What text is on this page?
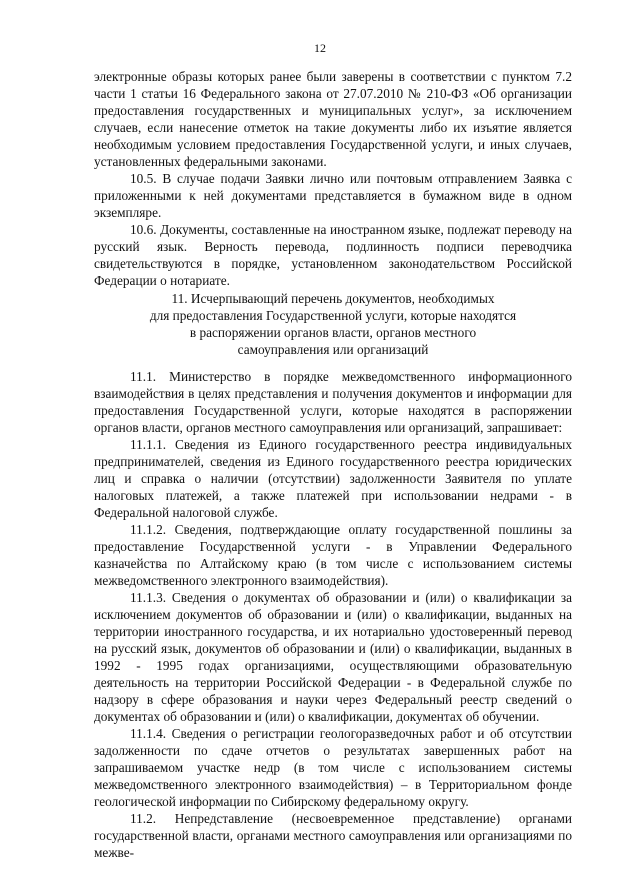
12

электронные образы которых ранее были заверены в соответствии с пунктом 7.2 части 1 статьи 16 Федерального закона от 27.07.2010 № 210-ФЗ «Об организации предоставления государственных и муниципальных услуг», за исключением случаев, если нанесение отметок на такие документы либо их изъятие является необходимым условием предоставления Государственной услуги, и иных случаев, установленных федеральными законами.

10.5. В случае подачи Заявки лично или почтовым отправлением Заявка с приложенными к ней документами представляется в бумажном виде в одном экземпляре.

10.6. Документы, составленные на иностранном языке, подлежат переводу на русский язык. Верность перевода, подлинность подписи переводчика свидетельствуются в порядке, установленном законодательством Российской Федерации о нотариате.

11. Исчерпывающий перечень документов, необходимых
для предоставления Государственной услуги, которые находятся
в распоряжении органов власти, органов местного
самоуправления или организаций

11.1. Министерство в порядке межведомственного информационного взаимодействия в целях представления и получения документов и информации для предоставления Государственной услуги, которые находятся в распоряжении органов власти, органов местного самоуправления или организаций, запрашивает:

11.1.1. Сведения из Единого государственного реестра индивидуальных предпринимателей, сведения из Единого государственного реестра юридических лиц и справка о наличии (отсутствии) задолженности Заявителя по уплате налоговых платежей, а также платежей при использовании недрами - в Федеральной налоговой службе.

11.1.2. Сведения, подтверждающие оплату государственной пошлины за предоставление Государственной услуги - в Управлении Федерального казначейства по Алтайскому краю (в том числе с использованием системы межведомственного электронного взаимодействия).

11.1.3. Сведения о документах об образовании и (или) о квалификации за исключением документов об образовании и (или) о квалификации, выданных на территории иностранного государства, и их нотариально удостоверенный перевод на русский язык, документов об образовании и (или) о квалификации, выданных в 1992 - 1995 годах организациями, осуществляющими образовательную деятельность на территории Российской Федерации - в Федеральной службе по надзору в сфере образования и науки через Федеральный реестр сведений о документах об образовании и (или) о квалификации, документах об обучении.

11.1.4. Сведения о регистрации геологоразведочных работ и об отсутствии задолженности по сдаче отчетов о результатах завершенных работ на запрашиваемом участке недр (в том числе с использованием системы межведомственного электронного взаимодействия) – в Территориальном фонде геологической информации по Сибирскому федеральному округу.

11.2. Непредставление (несвоевременное представление) органами государственной власти, органами местного самоуправления или организациями по межве-
